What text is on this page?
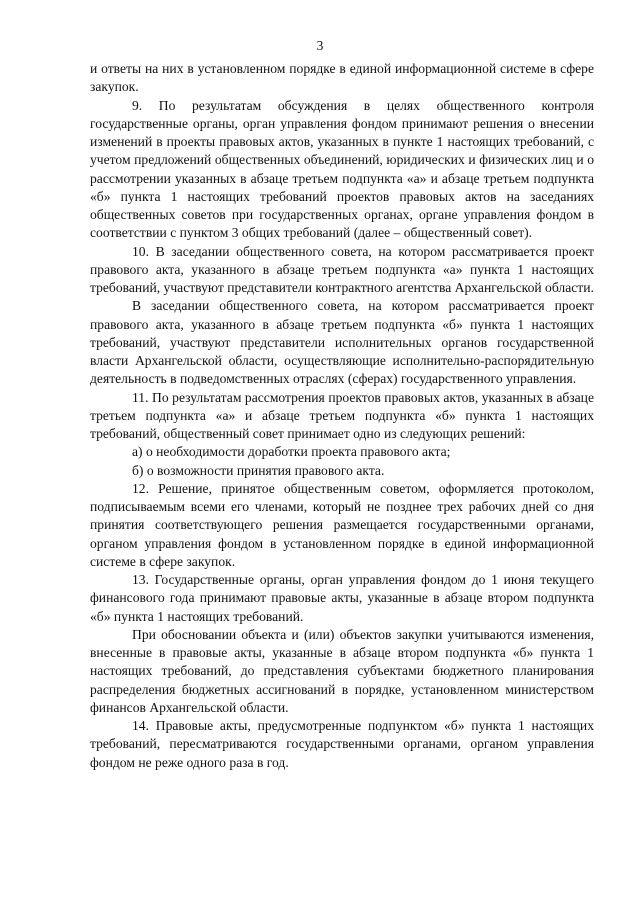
3

и ответы на них в установленном порядке в единой информационной системе в сфере закупок.

9. По результатам обсуждения в целях общественного контроля государственные органы, орган управления фондом принимают решения о внесении изменений в проекты правовых актов, указанных в пункте 1 настоящих требований, с учетом предложений общественных объединений, юридических и физических лиц и о рассмотрении указанных в абзаце третьем подпункта «а» и абзаце третьем подпункта «б» пункта 1 настоящих требований проектов правовых актов на заседаниях общественных советов при государственных органах, органе управления фондом в соответствии с пунктом 3 общих требований (далее – общественный совет).

10. В заседании общественного совета, на котором рассматривается проект правового акта, указанного в абзаце третьем подпункта «а» пункта 1 настоящих требований, участвуют представители контрактного агентства Архангельской области.

В заседании общественного совета, на котором рассматривается проект правового акта, указанного в абзаце третьем подпункта «б» пункта 1 настоящих требований, участвуют представители исполнительных органов государственной власти Архангельской области, осуществляющие исполнительно-распорядительную деятельность в подведомственных отраслях (сферах) государственного управления.

11. По результатам рассмотрения проектов правовых актов, указанных в абзаце третьем подпункта «а» и абзаце третьем подпункта «б» пункта 1 настоящих требований, общественный совет принимает одно из следующих решений:

а) о необходимости доработки проекта правового акта;

б) о возможности принятия правового акта.

12. Решение, принятое общественным советом, оформляется протоколом, подписываемым всеми его членами, который не позднее трех рабочих дней со дня принятия соответствующего решения размещается государственными органами, органом управления фондом в установленном порядке в единой информационной системе в сфере закупок.

13. Государственные органы, орган управления фондом до 1 июня текущего финансового года принимают правовые акты, указанные в абзаце втором подпункта «б» пункта 1 настоящих требований.

При обосновании объекта и (или) объектов закупки учитываются изменения, внесенные в правовые акты, указанные в абзаце втором подпункта «б» пункта 1 настоящих требований, до представления субъектами бюджетного планирования распределения бюджетных ассигнований в порядке, установленном министерством финансов Архангельской области.

14. Правовые акты, предусмотренные подпунктом «б» пункта 1 настоящих требований, пересматриваются государственными органами, органом управления фондом не реже одного раза в год.
